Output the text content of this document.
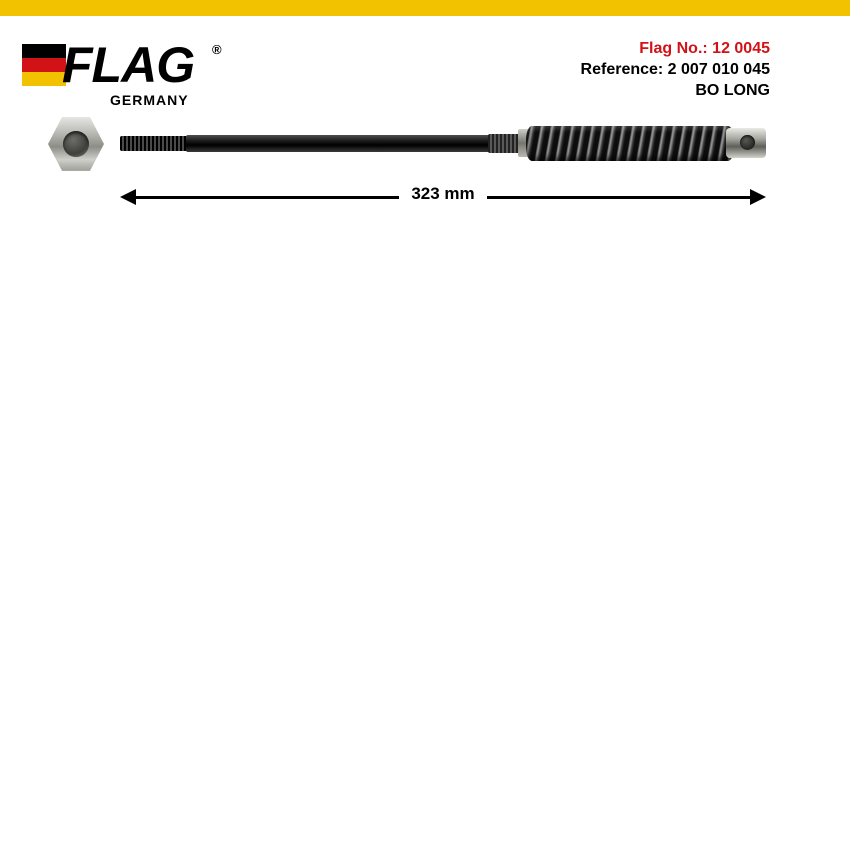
FLAG ®
GERMANY
Flag No.: 12 0045
Reference: 2 007 010 045
BO LONG
323 mm
